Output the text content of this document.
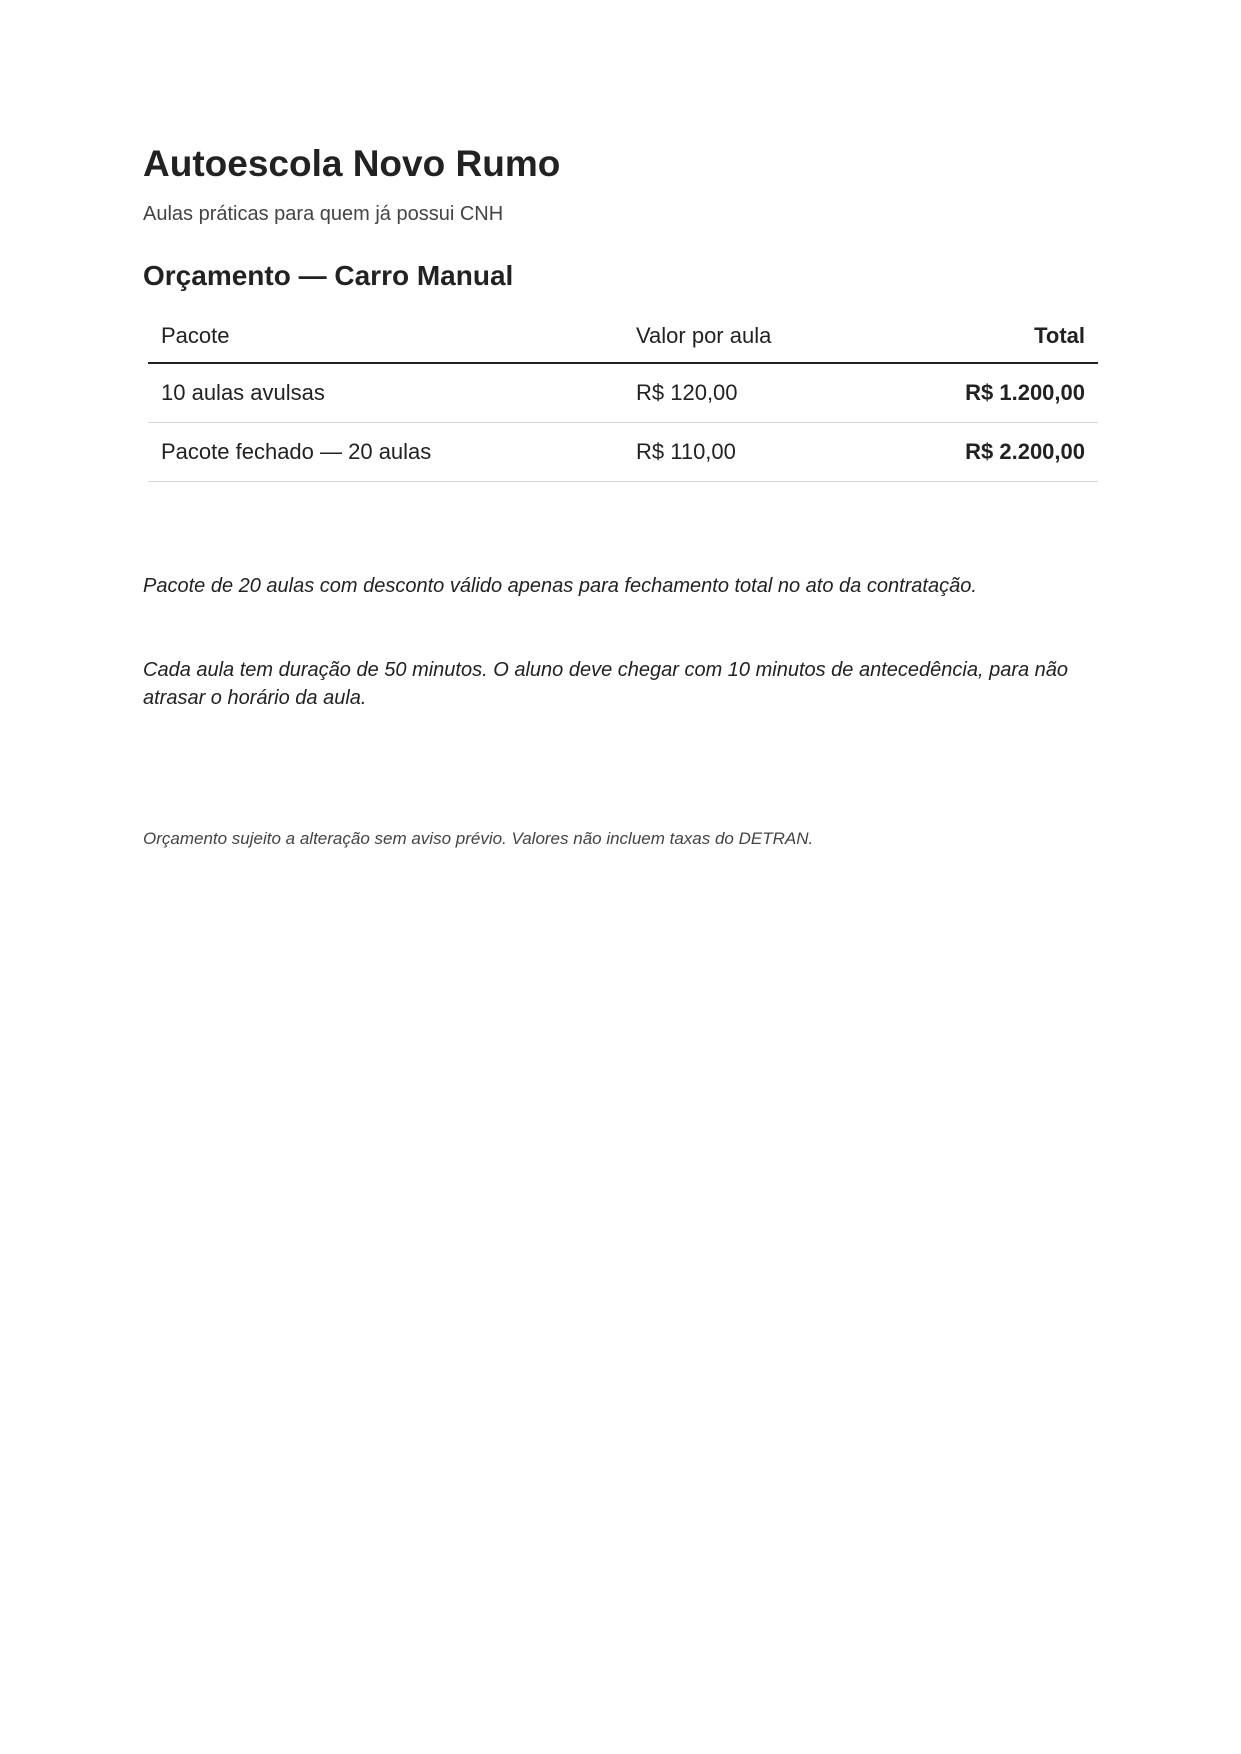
Autoescola Novo Rumo

Aulas práticas para quem já possui CNH

Orçamento — Carro Manual
Pacote	Valor por aula	Total
10 aulas avulsas	R$ 120,00	R$ 1.200,00
Pacote fechado — 20 aulas	R$ 110,00	R$ 2.200,00

Pacote de 20 aulas com desconto válido apenas para fechamento total no ato da contratação.

Cada aula tem duração de 50 minutos. O aluno deve chegar com 10 minutos de antecedência, para não atrasar o horário da aula.

Orçamento sujeito a alteração sem aviso prévio. Valores não incluem taxas do DETRAN.
